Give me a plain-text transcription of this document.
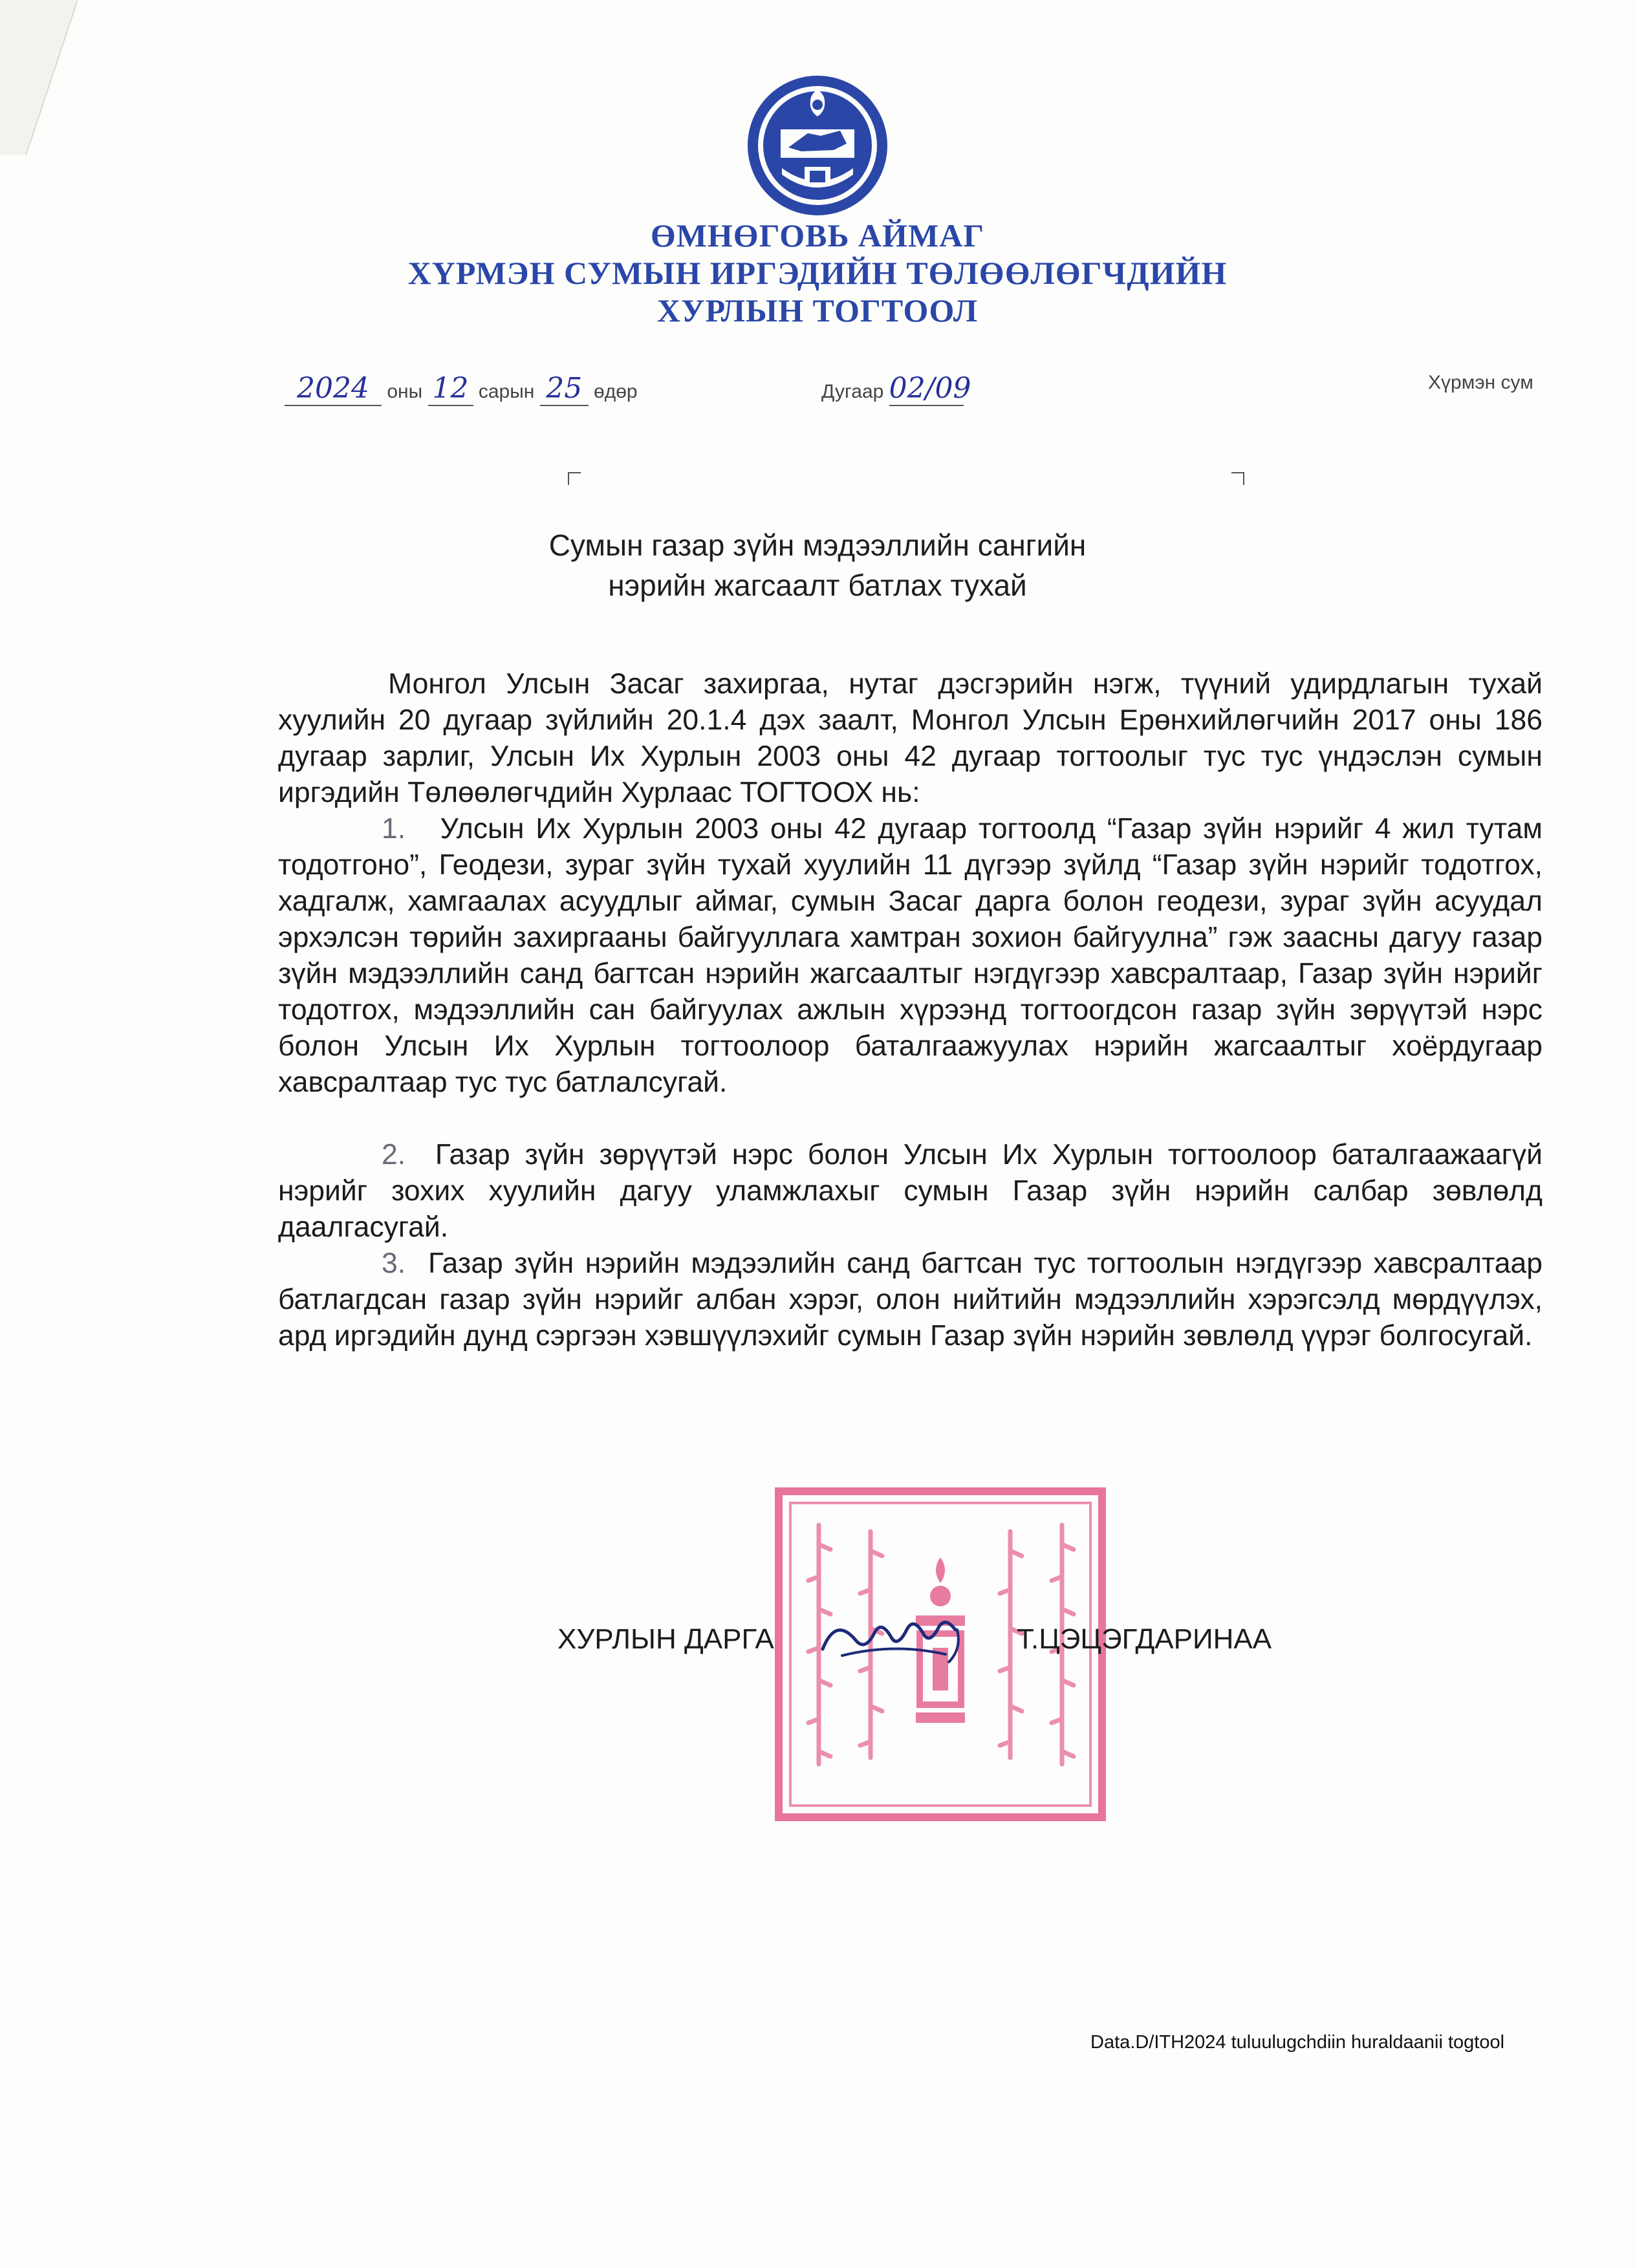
ӨМНӨГОВЬ АЙМАГ
ХҮРМЭН СУМЫН ИРГЭДИЙН ТӨЛӨӨЛӨГЧДИЙН
ХУРЛЫН ТОГТООЛ
2024 оны 12 сарын 25 өдөр	Дугаар 02/09	Хүрмэн сум
Сумын газар зүйн мэдээллийн сангийн
нэрийн жагсаалт батлах тухай
Монгол Улсын Засаг захиргаа, нутаг дэсгэрийн нэгж, түүний удирдлагын тухай хуулийн 20 дугаар зүйлийн 20.1.4 дэх заалт, Монгол Улсын Ерөнхийлөгчийн 2017 оны 186 дугаар зарлиг, Улсын Их Хурлын 2003 оны 42 дугаар тогтоолыг тус тус үндэслэн сумын иргэдийн Төлөөлөгчдийн Хурлаас ТОГТООХ нь:
1. Улсын Их Хурлын 2003 оны 42 дугаар тогтоолд “Газар зүйн нэрийг 4 жил тутам тодотгоно”, Геодези, зураг зүйн тухай хуулийн 11 дүгээр зүйлд “Газар зүйн нэрийг тодотгох, хадгалж, хамгаалах асуудлыг аймаг, сумын Засаг дарга болон геодези, зураг зүйн асуудал эрхэлсэн төрийн захиргааны байгууллага хамтран зохион байгуулна” гэж заасны дагуу газар зүйн мэдээллийн санд багтсан нэрийн жагсаалтыг нэгдүгээр хавсралтаар, Газар зүйн нэрийг тодотгох, мэдээллийн сан байгуулах ажлын хүрээнд тогтоогдсон газар зүйн зөрүүтэй нэрс болон Улсын Их Хурлын тогтоолоор баталгаажуулах нэрийн жагсаалтыг хоёрдугаар хавсралтаар тус тус батлалсугай.
2. Газар зүйн зөрүүтэй нэрс болон Улсын Их Хурлын тогтоолоор баталгаажаагүй нэрийг зохих хуулийн дагуу уламжлахыг сумын Газар зүйн нэрийн салбар зөвлөлд даалгасугай.
3. Газар зүйн нэрийн мэдээлийн санд багтсан тус тогтоолын нэгдүгээр хавсралтаар батлагдсан газар зүйн нэрийг албан хэрэг, олон нийтийн мэдээллийн хэрэгсэлд мөрдүүлэх, ард иргэдийн дунд сэргээн хэвшүүлэхийг сумын Газар зүйн нэрийн зөвлөлд үүрэг болгосугай.
ХУРЛЫН ДАРГА	Т.ЦЭЦЭГДАРИНАА
Data.D/ITH2024 tuluulugchdiin huraldaanii togtool
